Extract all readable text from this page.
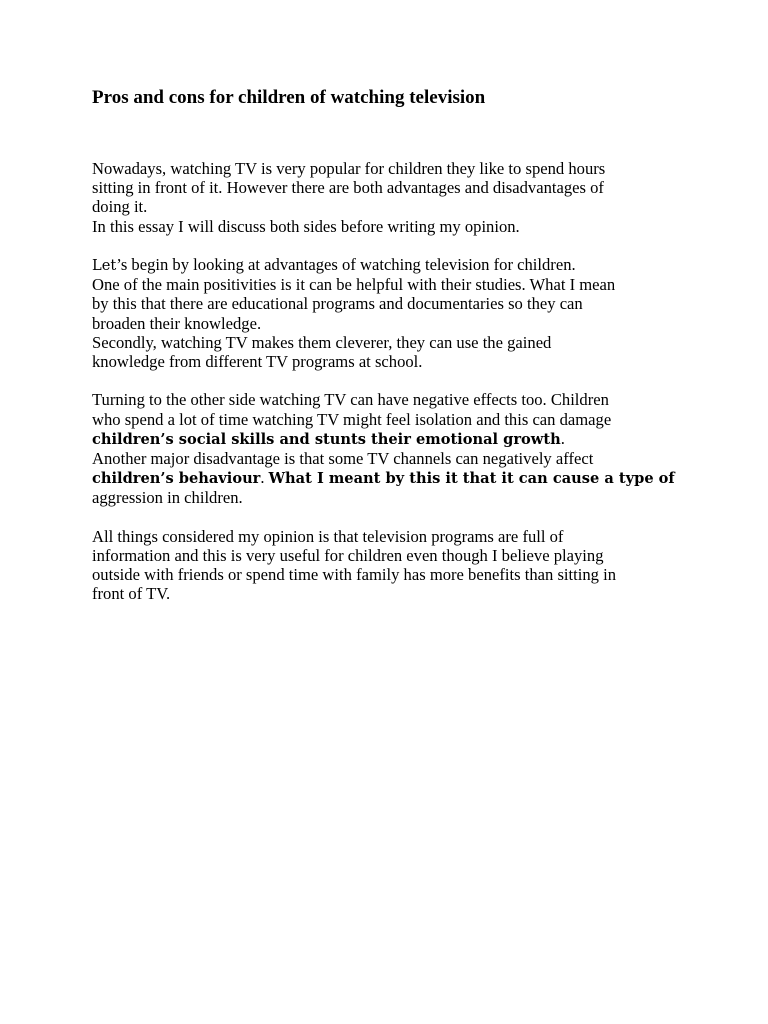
Pros and cons for children of watching television
Nowadays, watching TV is very popular for children they like to spend hours
sitting in front of it. However there are both advantages and disadvantages of
doing it.
In this essay I will discuss both sides before writing my opinion.
Let’s begin by looking at advantages of watching television for children.
One of the main positivities is it can be helpful with their studies. What I mean
by this that there are educational programs and documentaries so they can
broaden their knowledge.
Secondly, watching TV makes them cleverer, they can use the gained
knowledge from different TV programs at school.
Turning to the other side watching TV can have negative effects too. Children
who spend a lot of time watching TV might feel isolation and this can damage
children’s social skills and stunts their emotional growth.
Another major disadvantage is that some TV channels can negatively affect
children’s behaviour. What I meant by this it that it can cause a type of
aggression in children.
All things considered my opinion is that television programs are full of
information and this is very useful for children even though I believe playing
outside with friends or spend time with family has more benefits than sitting in
front of TV.
